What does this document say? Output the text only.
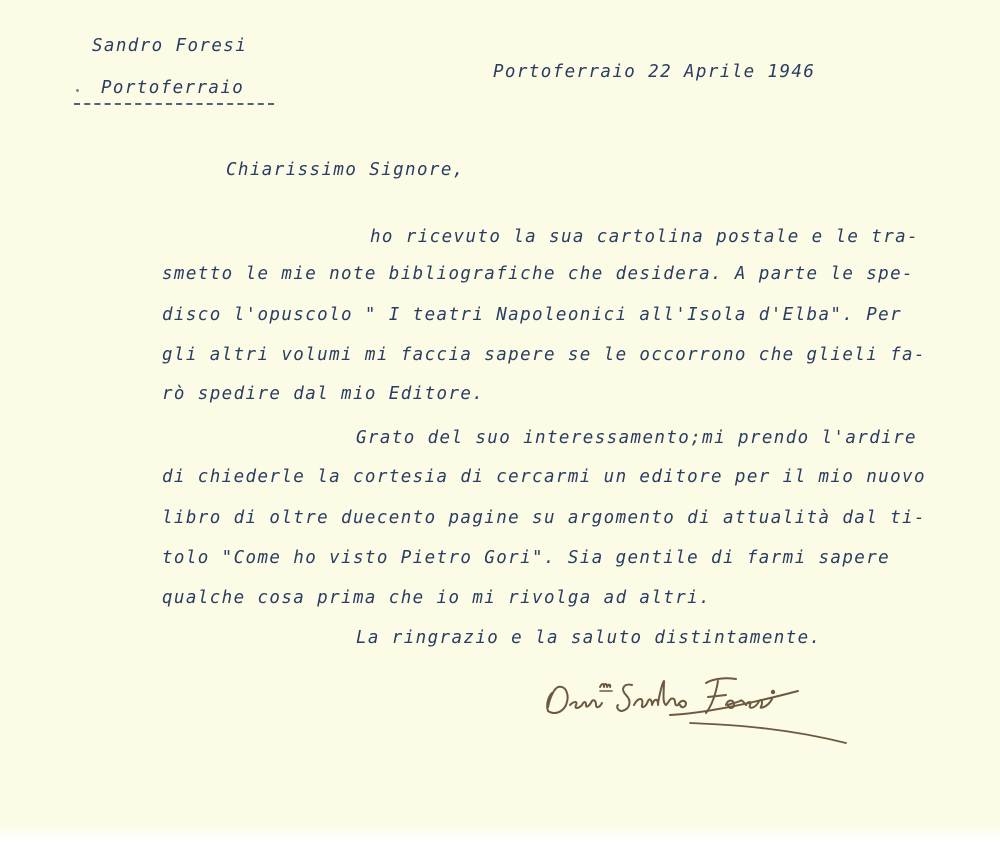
Sandro Foresi

Portoferraio

Portoferraio 22 Aprile 1946

Chiarissimo Signore,

ho ricevuto la sua cartolina postale e le tra-

smetto le mie note bibliografiche che desidera. A parte le spe-

disco l'opuscolo " I teatri Napoleonici all'Isola d'Elba". Per

gli altri volumi mi faccia sapere se le occorrono che glieli fa-

rò spedire dal mio Editore.

Grato del suo interessamento;mi prendo l'ardire

di chiederle la cortesia di cercarmi un editore per il mio nuovo

libro di oltre duecento pagine su argomento di attualità dal ti-

tolo "Come ho visto Pietro Gori". Sia gentile di farmi sapere

qualche cosa prima che io mi rivolga ad altri.

La ringrazio e la saluto distintamente.
